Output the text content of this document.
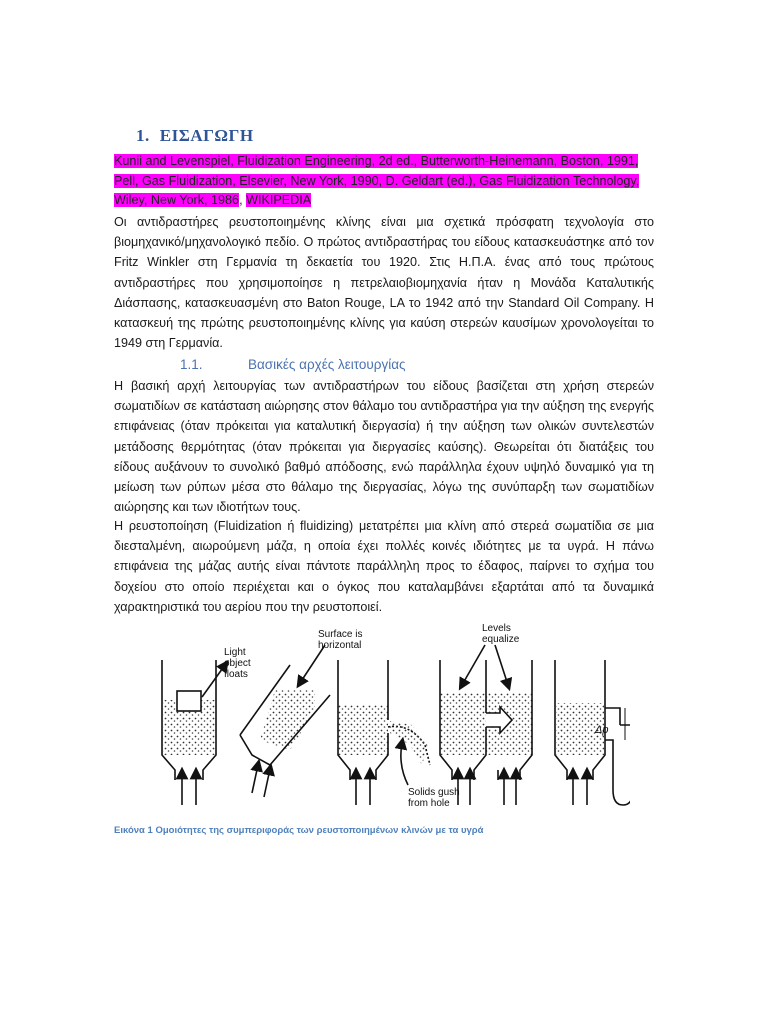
1. ΕΙΣΑΓΩΓΗ
Kunii and Levenspiel, Fluidization Engineering, 2d ed., Butterworth-Heinemann, Boston, 1991, Pell, Gas Fluidization, Elsevier, New York, 1990, D. Geldart (ed.), Gas Fluidization Technology, Wiley, New York, 1986, WIKIPEDIA

Οι αντιδραστήρες ρευστοποιημένης κλίνης είναι μια σχετικά πρόσφατη τεχνολογία στο βιομηχανικό/μηχανολογικό πεδίο. Ο πρώτος αντιδραστήρας του είδους κατασκευάστηκε από τον Fritz Winkler στη Γερμανία τη δεκαετία του 1920. Στις Η.Π.Α. ένας από τους πρώτους αντιδραστήρες που χρησιμοποίησε η πετρελαιοβιομηχανία ήταν η Μονάδα Καταλυτικής Διάσπασης, κατασκευασμένη στο Baton Rouge, LA το 1942 από την Standard Oil Company. Η κατασκευή της πρώτης ρευστοποιημένης κλίνης για καύση στερεών καυσίμων χρονολογείται το 1949 στη Γερμανία.

1.1.	Βασικές αρχές λειτουργίας

Η βασική αρχή λειτουργίας των αντιδραστήρων του είδους βασίζεται στη χρήση στερεών σωματιδίων σε κατάσταση αιώρησης στον θάλαμο του αντιδραστήρα για την αύξηση της ενεργής επιφάνειας (όταν πρόκειται για καταλυτική διεργασία) ή την αύξηση των ολικών συντελεστών μετάδοσης θερμότητας (όταν πρόκειται για διεργασίες καύσης). Θεωρείται ότι διατάξεις του είδους αυξάνουν το συνολικό βαθμό απόδοσης, ενώ παράλληλα έχουν υψηλό δυναμικό για τη μείωση των ρύπων μέσα στο θάλαμο της διεργασίας, λόγω της συνύπαρξη των σωματιδίων αιώρησης και των ιδιοτήτων τους.

Η ρευστοποίηση (Fluidization ή fluidizing) μετατρέπει μια κλίνη από στερεά σωματίδια σε μια διεσταλμένη, αιωρούμενη μάζα, η οποία έχει πολλές κοινές ιδιότητες με τα υγρά. Η πάνω επιφάνεια της μάζας αυτής είναι πάντοτε παράλληλη προς το έδαφος, παίρνει το σχήμα του δοχείου στο οποίο περιέχεται και ο όγκος που καταλαμβάνει εξαρτάται από τα δυναμικά χαρακτηριστικά του αερίου που την ρευστοποιεί.

Light
object
floats
Surface is
horizontal
Solids gush
from hole
Levels
equalize
Δp
Εικόνα 1 Ομοιότητες της συμπεριφοράς των ρευστοποιημένων κλινών με τα υγρά
